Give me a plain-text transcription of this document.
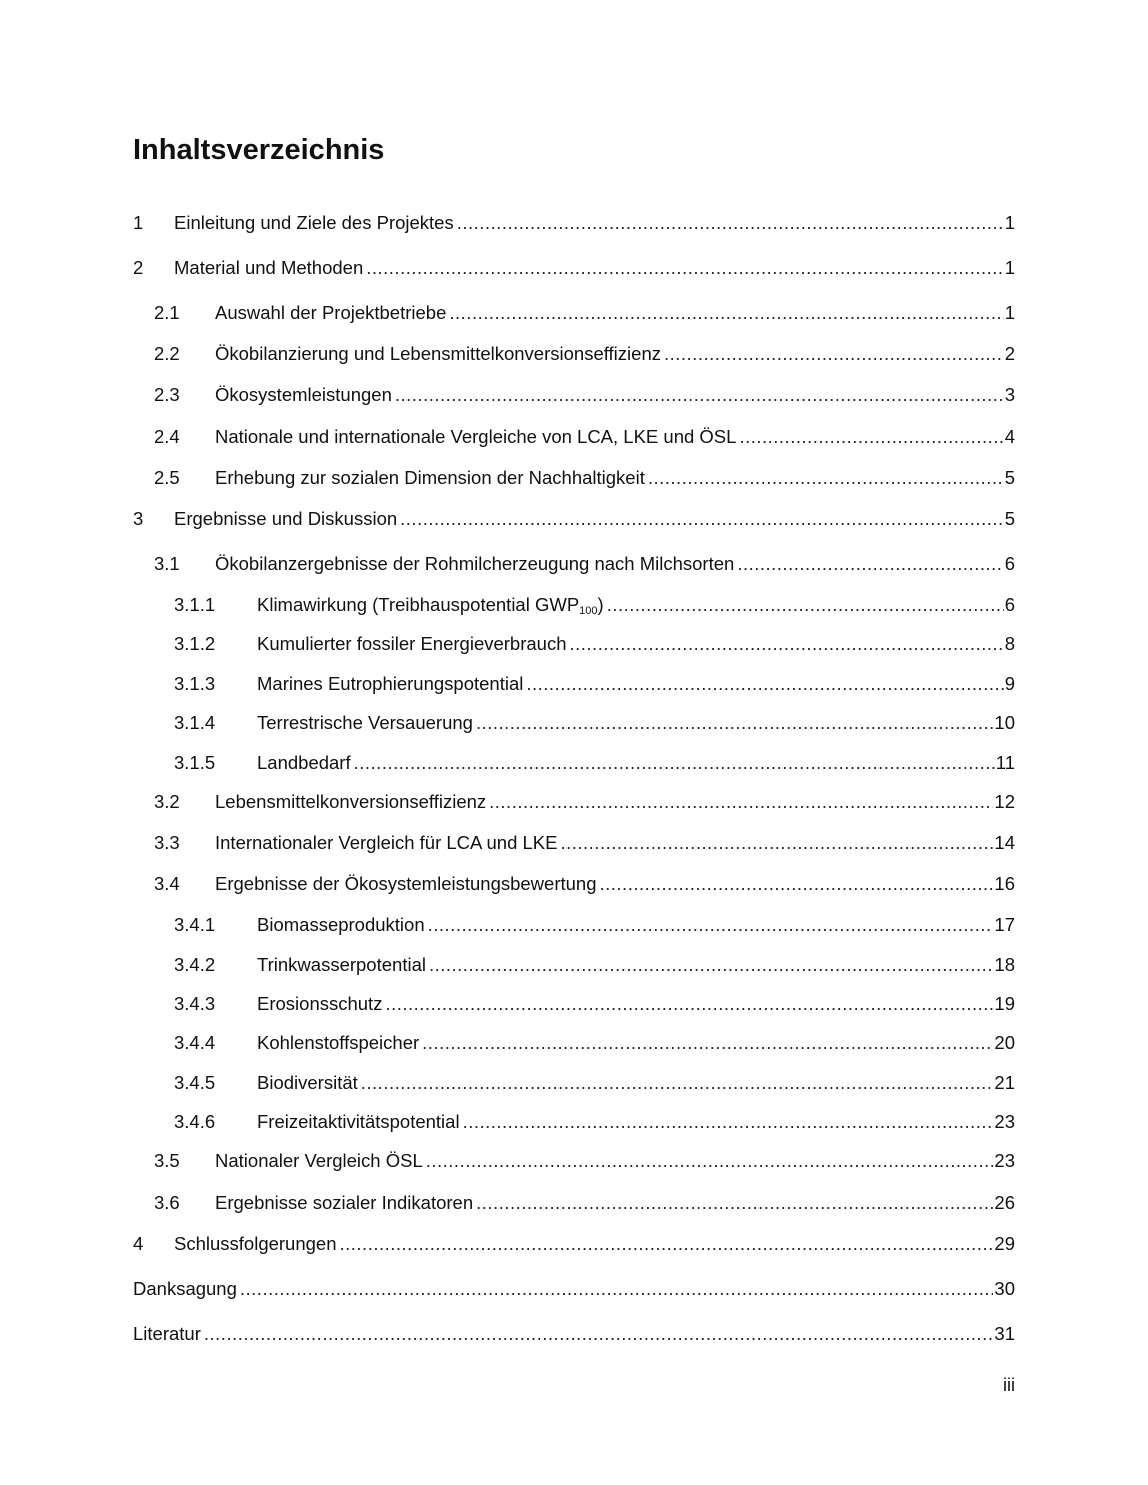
Inhaltsverzeichnis
1 Einleitung und Ziele des Projektes .....	1
2 Material und Methoden .....	1
2.1 Auswahl der Projektbetriebe .....	1
2.2 Ökobilanzierung und Lebensmittelkonversionseffizienz .....	2
2.3 Ökosystemleistungen .....	3
2.4 Nationale und internationale Vergleiche von LCA, LKE und ÖSL .....	4
2.5 Erhebung zur sozialen Dimension der Nachhaltigkeit .....	5
3 Ergebnisse und Diskussion .....	5
3.1 Ökobilanzergebnisse der Rohmilcherzeugung nach Milchsorten .....	6
3.1.1 Klimawirkung (Treibhauspotential $GWP_{100}$) .....	6
3.1.2 Kumulierter fossiler Energieverbrauch .....	8
3.1.3 Marines Eutrophierungspotential .....	9
3.1.4 Terrestrische Versauerung .....	10
3.1.5 Landbedarf .....	11
3.2 Lebensmittelkonversionseffizienz .....	12
3.3 Internationaler Vergleich für LCA und LKE .....	14
3.4 Ergebnisse der Ökosystemleistungsbewertung .....	16
3.4.1 Biomasseproduktion .....	17
3.4.2 Trinkwasserpotential .....	18
3.4.3 Erosionsschutz .....	19
3.4.4 Kohlenstoffspeicher .....	20
3.4.5 Biodiversität .....	21
3.4.6 Freizeitaktivitätspotential .....	23
3.5 Nationaler Vergleich ÖSL .....	23
3.6 Ergebnisse sozialer Indikatoren .....	26
4 Schlussfolgerungen .....	29
Danksagung .....	30
Literatur .....	31
iii
